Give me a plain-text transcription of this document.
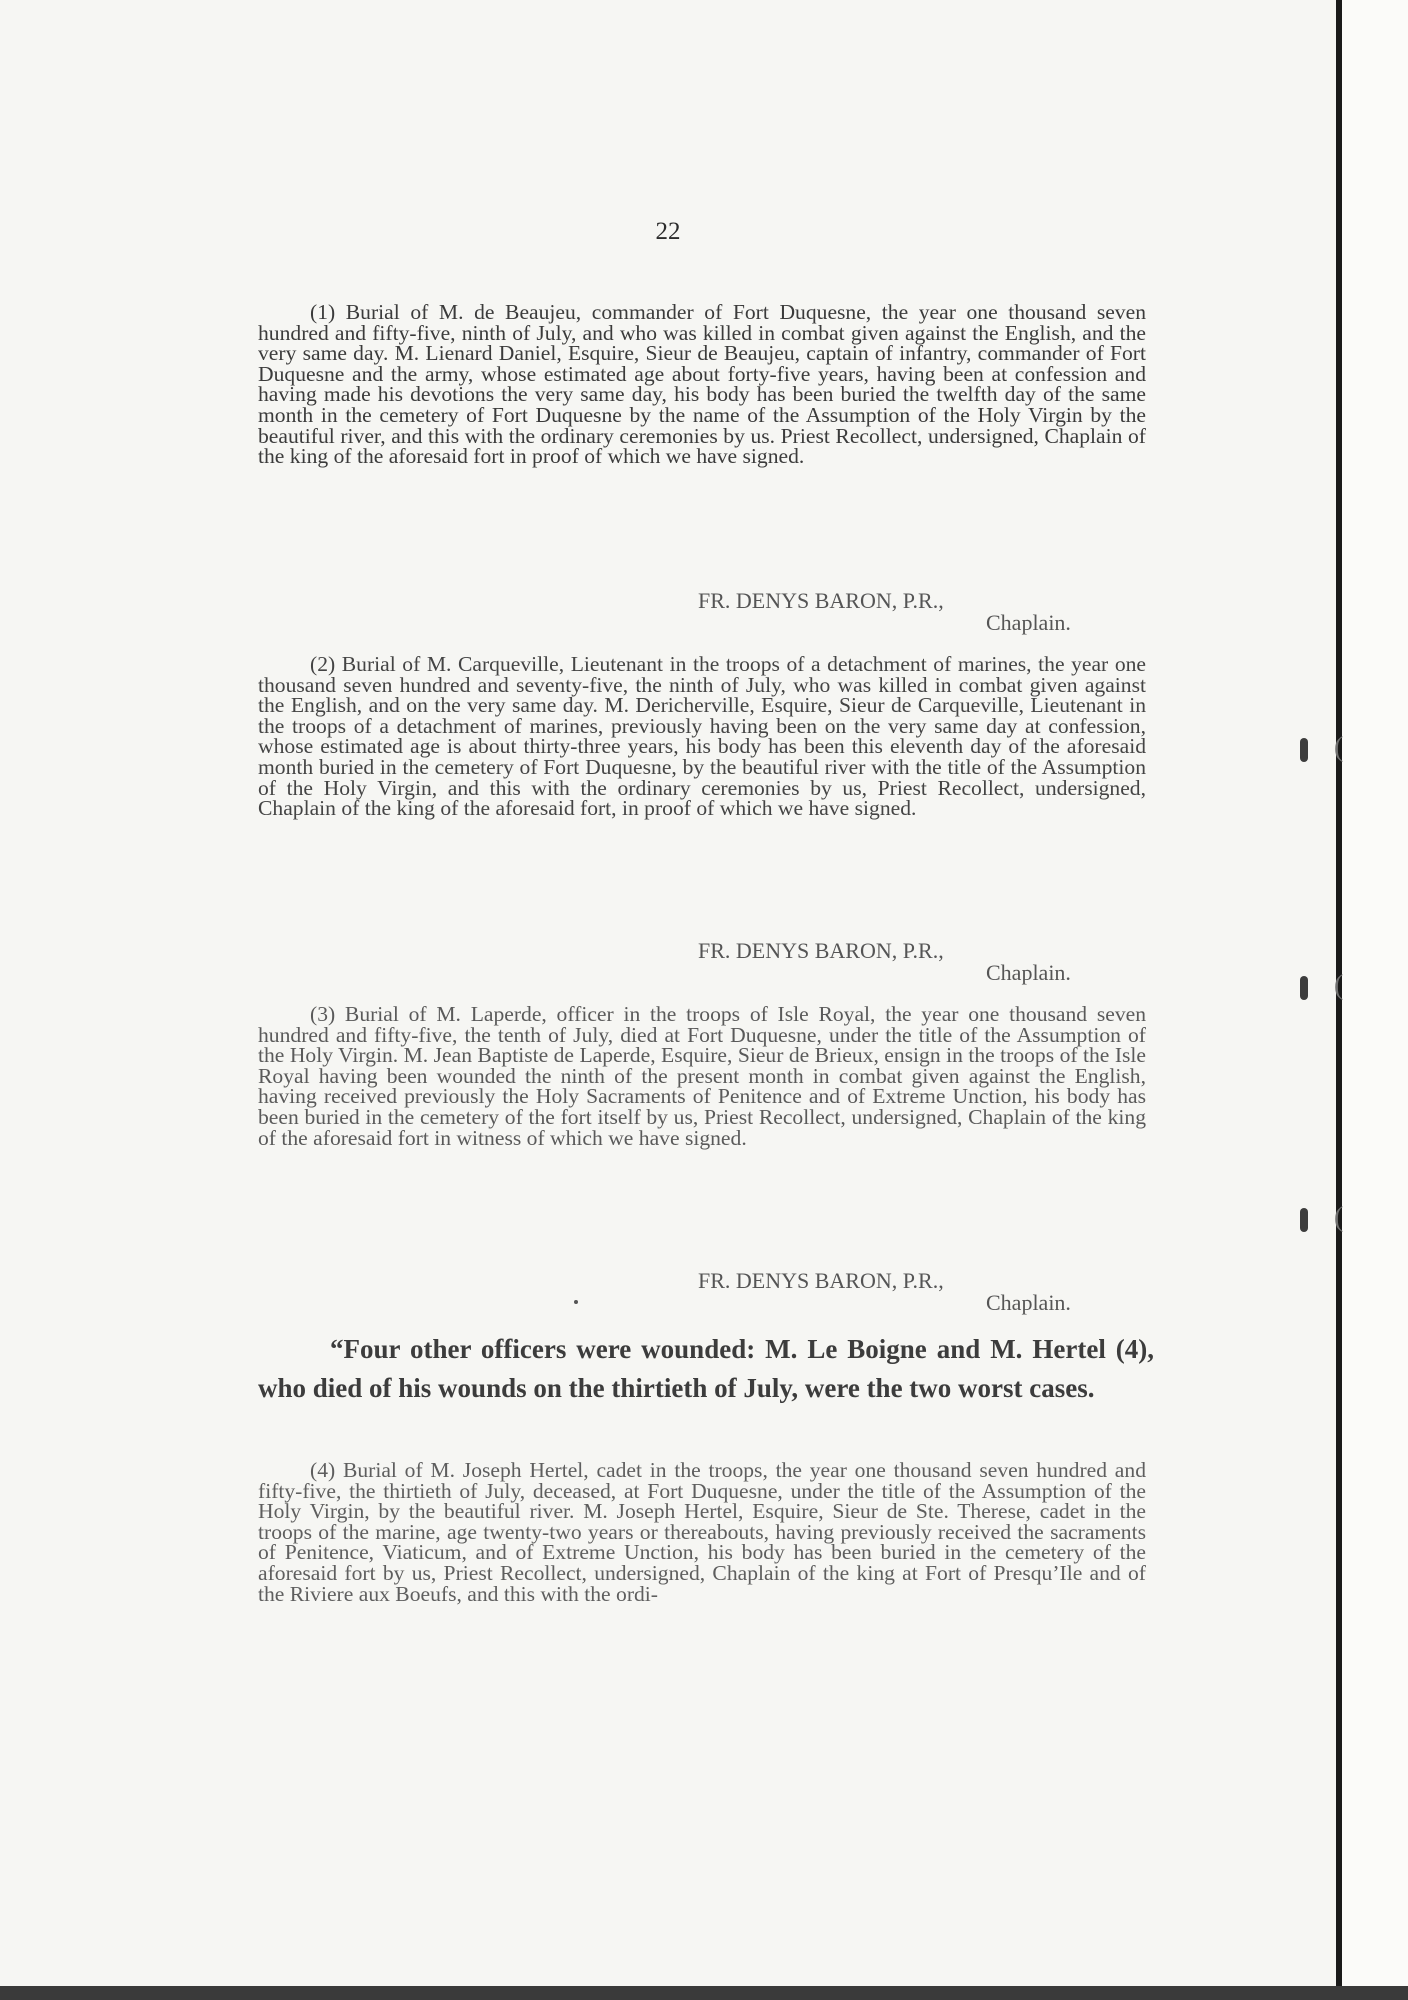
22

(1) Burial of M. de Beaujeu, commander of Fort Duquesne, the year one thousand seven hundred and fifty-five, ninth of July, and who was killed in combat given against the English, and the very same day. M. Lienard Daniel, Esquire, Sieur de Beaujeu, captain of infantry, commander of Fort Duquesne and the army, whose estimated age about forty-five years, having been at confession and having made his devotions the very same day, his body has been buried the twelfth day of the same month in the cemetery of Fort Duquesne by the name of the Assumption of the Holy Virgin by the beautiful river, and this with the ordinary ceremonies by us. Priest Recollect, undersigned, Chaplain of the king of the aforesaid fort in proof of which we have signed.

FR. DENYS BARON, P.R.,
Chaplain.

(2) Burial of M. Carqueville, Lieutenant in the troops of a detachment of marines, the year one thousand seven hundred and seventy-five, the ninth of July, who was killed in combat given against the English, and on the very same day. M. Dericherville, Esquire, Sieur de Carqueville, Lieutenant in the troops of a detachment of marines, previously having been on the very same day at confession, whose estimated age is about thirty-three years, his body has been this eleventh day of the aforesaid month buried in the cemetery of Fort Duquesne, by the beautiful river with the title of the Assumption of the Holy Virgin, and this with the ordinary ceremonies by us, Priest Recollect, undersigned, Chaplain of the king of the aforesaid fort, in proof of which we have signed.

FR. DENYS BARON, P.R.,
Chaplain.

(3) Burial of M. Laperde, officer in the troops of Isle Royal, the year one thousand seven hundred and fifty-five, the tenth of July, died at Fort Duquesne, under the title of the Assumption of the Holy Virgin. M. Jean Baptiste de Laperde, Esquire, Sieur de Brieux, ensign in the troops of the Isle Royal having been wounded the ninth of the present month in combat given against the English, having received previously the Holy Sacraments of Penitence and of Extreme Unction, his body has been buried in the cemetery of the fort itself by us, Priest Recollect, undersigned, Chaplain of the king of the aforesaid fort in witness of which we have signed.

FR. DENYS BARON, P.R.,
Chaplain.

“Four other officers were wounded: M. Le Boigne and M. Hertel (4), who died of his wounds on the thirtieth of July, were the two worst cases.

(4) Burial of M. Joseph Hertel, cadet in the troops, the year one thousand seven hundred and fifty-five, the thirtieth of July, deceased, at Fort Duquesne, under the title of the Assumption of the Holy Virgin, by the beautiful river. M. Joseph Hertel, Esquire, Sieur de Ste. Therese, cadet in the troops of the marine, age twenty-two years or thereabouts, having previously received the sacraments of Penitence, Viaticum, and of Extreme Unction, his body has been buried in the cemetery of the aforesaid fort by us, Priest Recollect, undersigned, Chaplain of the king at Fort of Presqu’Ile and of the Riviere aux Boeufs, and this with the ordi-

(
(
(
